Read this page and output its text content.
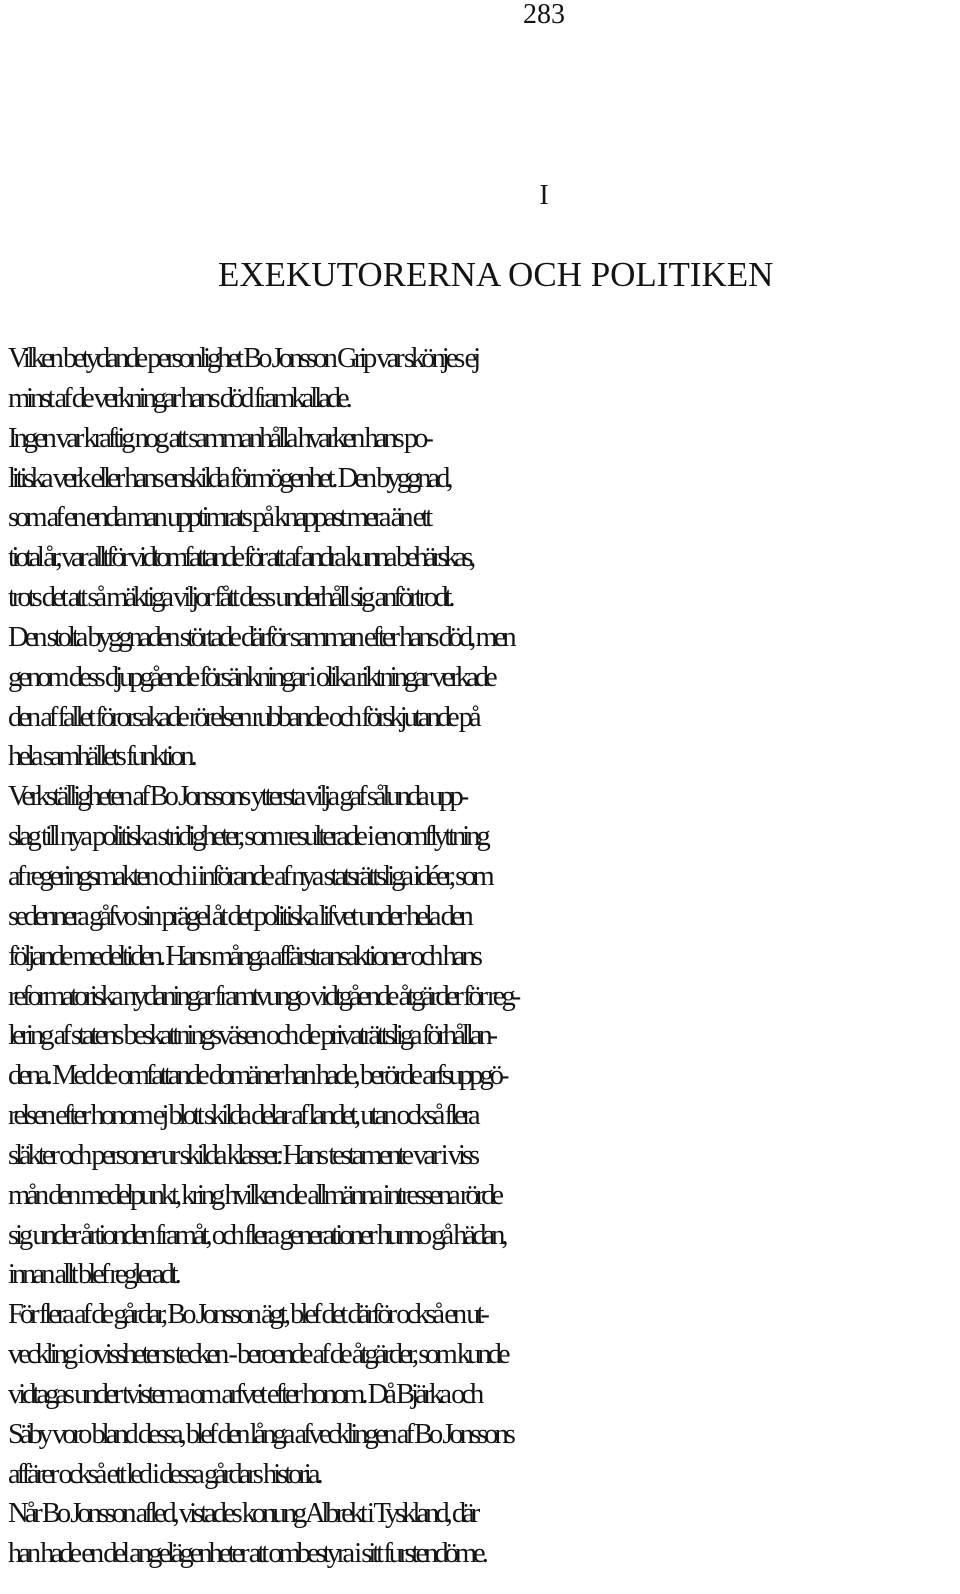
283
I
EXEKUTORERNA OCH POLITIKEN
Vilken betydande personlighet Bo Jonsson Grip var skönjes ej
minst af de verkningar hans död framkallade.
Ingen var kraftig nog att sammanhålla hvarken hans po-
litiska verk eller hans enskilda förmögenhet. Den byggnad,
som af en enda man upptimrats på knappast mera än ett
tiotal år, var alltför vidtomfattande för att af andra kunna behärskas,
trots det att så mäktiga viljor fått dess underhåll sig anförtrodt.
Den stolta byggnaden störtade därför samman efter hans död, men
genom dess djupgående försänkningar i olika riktningar verkade
den af fallet förorsakade rörelsen rubbande och förskjutande på
hela samhällets funktion.
Verkställigheten af Bo Jonssons yttersta vilja gaf sålunda upp-
slag till nya politiska stridigheter, som resulterade i en omflyttning
af regeringsmakten och i införande af nya statsrättsliga idéer, som
sedennera gåfvo sin prägel åt det politiska lifvet under hela den
följande medeltiden. Hans många affärstransaktioner och hans
reformatoriska nydaningar framtvungo vidtgående åtgärder för reg-
lering af statens beskattningsväsen och de privaträttsliga förhållan-
dena. Med de omfattande domäner han hade, berörde arfsuppgö-
relsen efter honom ej blott skilda delar af landet, utan också flera
släkter och personer ur skilda klasser. Hans testamente var i viss
mån den medelpunkt, kring hvilken de allmänna intressena rörde
sig under årtionden framåt, och flera generationer hunno gå hädan,
innan allt blef regleradt.
För flera af de gårdar, Bo Jonsson ägt, blef det därför också en ut-
veckling i ovisshetens tecken - beroende af de åtgärder, som kunde
vidtagas under tvistema om arfvet efter honom. Då Bjärka och
Säby voro bland dessa, blef den långa afvecklingen af Bo Jonssons
affärer också ett led i dessa gårdars historia.
Når Bo Jonsson afled, vistades konung Albrekt i Tyskland, där
han hade en del angelägenheter att ombestyra i sitt furstendöme.
